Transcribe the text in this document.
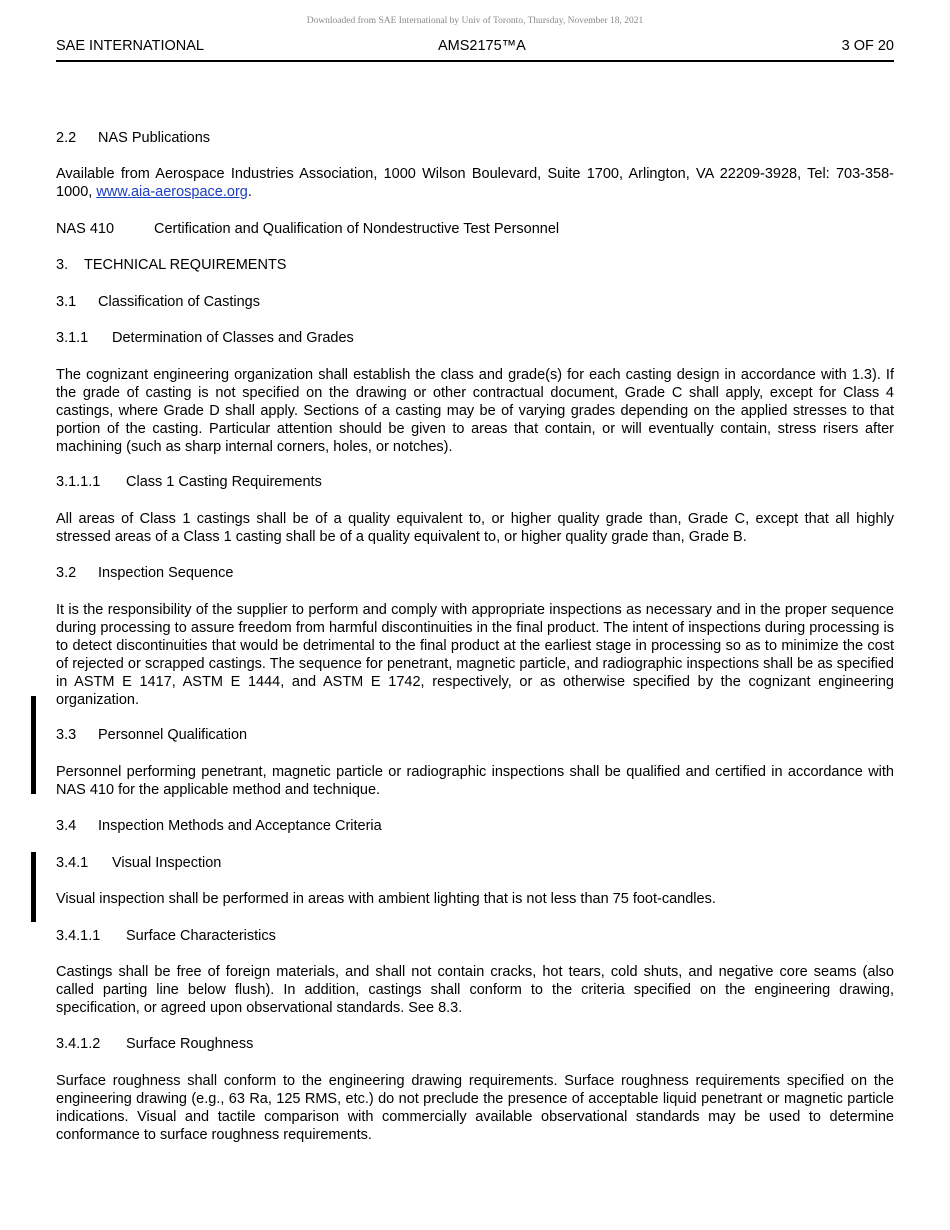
Downloaded from SAE International by Univ of Toronto, Thursday, November 18, 2021
SAE INTERNATIONAL	AMS2175™A	3 OF 20
2.2 NAS Publications
Available from Aerospace Industries Association, 1000 Wilson Boulevard, Suite 1700, Arlington, VA 22209-3928, Tel: 703-358-1000, www.aia-aerospace.org.
NAS 410	Certification and Qualification of Nondestructive Test Personnel
3. TECHNICAL REQUIREMENTS
3.1 Classification of Castings
3.1.1 Determination of Classes and Grades
The cognizant engineering organization shall establish the class and grade(s) for each casting design in accordance with 1.3). If the grade of casting is not specified on the drawing or other contractual document, Grade C shall apply, except for Class 4 castings, where Grade D shall apply. Sections of a casting may be of varying grades depending on the applied stresses to that portion of the casting. Particular attention should be given to areas that contain, or will eventually contain, stress risers after machining (such as sharp internal corners, holes, or notches).
3.1.1.1 Class 1 Casting Requirements
All areas of Class 1 castings shall be of a quality equivalent to, or higher quality grade than, Grade C, except that all highly stressed areas of a Class 1 casting shall be of a quality equivalent to, or higher quality grade than, Grade B.
3.2 Inspection Sequence
It is the responsibility of the supplier to perform and comply with appropriate inspections as necessary and in the proper sequence during processing to assure freedom from harmful discontinuities in the final product. The intent of inspections during processing is to detect discontinuities that would be detrimental to the final product at the earliest stage in processing so as to minimize the cost of rejected or scrapped castings. The sequence for penetrant, magnetic particle, and radiographic inspections shall be as specified in ASTM E 1417, ASTM E 1444, and ASTM E 1742, respectively, or as otherwise specified by the cognizant engineering organization.
3.3 Personnel Qualification
Personnel performing penetrant, magnetic particle or radiographic inspections shall be qualified and certified in accordance with NAS 410 for the applicable method and technique.
3.4 Inspection Methods and Acceptance Criteria
3.4.1 Visual Inspection
Visual inspection shall be performed in areas with ambient lighting that is not less than 75 foot-candles.
3.4.1.1 Surface Characteristics
Castings shall be free of foreign materials, and shall not contain cracks, hot tears, cold shuts, and negative core seams (also called parting line below flush). In addition, castings shall conform to the criteria specified on the engineering drawing, specification, or agreed upon observational standards. See 8.3.
3.4.1.2 Surface Roughness
Surface roughness shall conform to the engineering drawing requirements. Surface roughness requirements specified on the engineering drawing (e.g., 63 Ra, 125 RMS, etc.) do not preclude the presence of acceptable liquid penetrant or magnetic particle indications. Visual and tactile comparison with commercially available observational standards may be used to determine conformance to surface roughness requirements.
